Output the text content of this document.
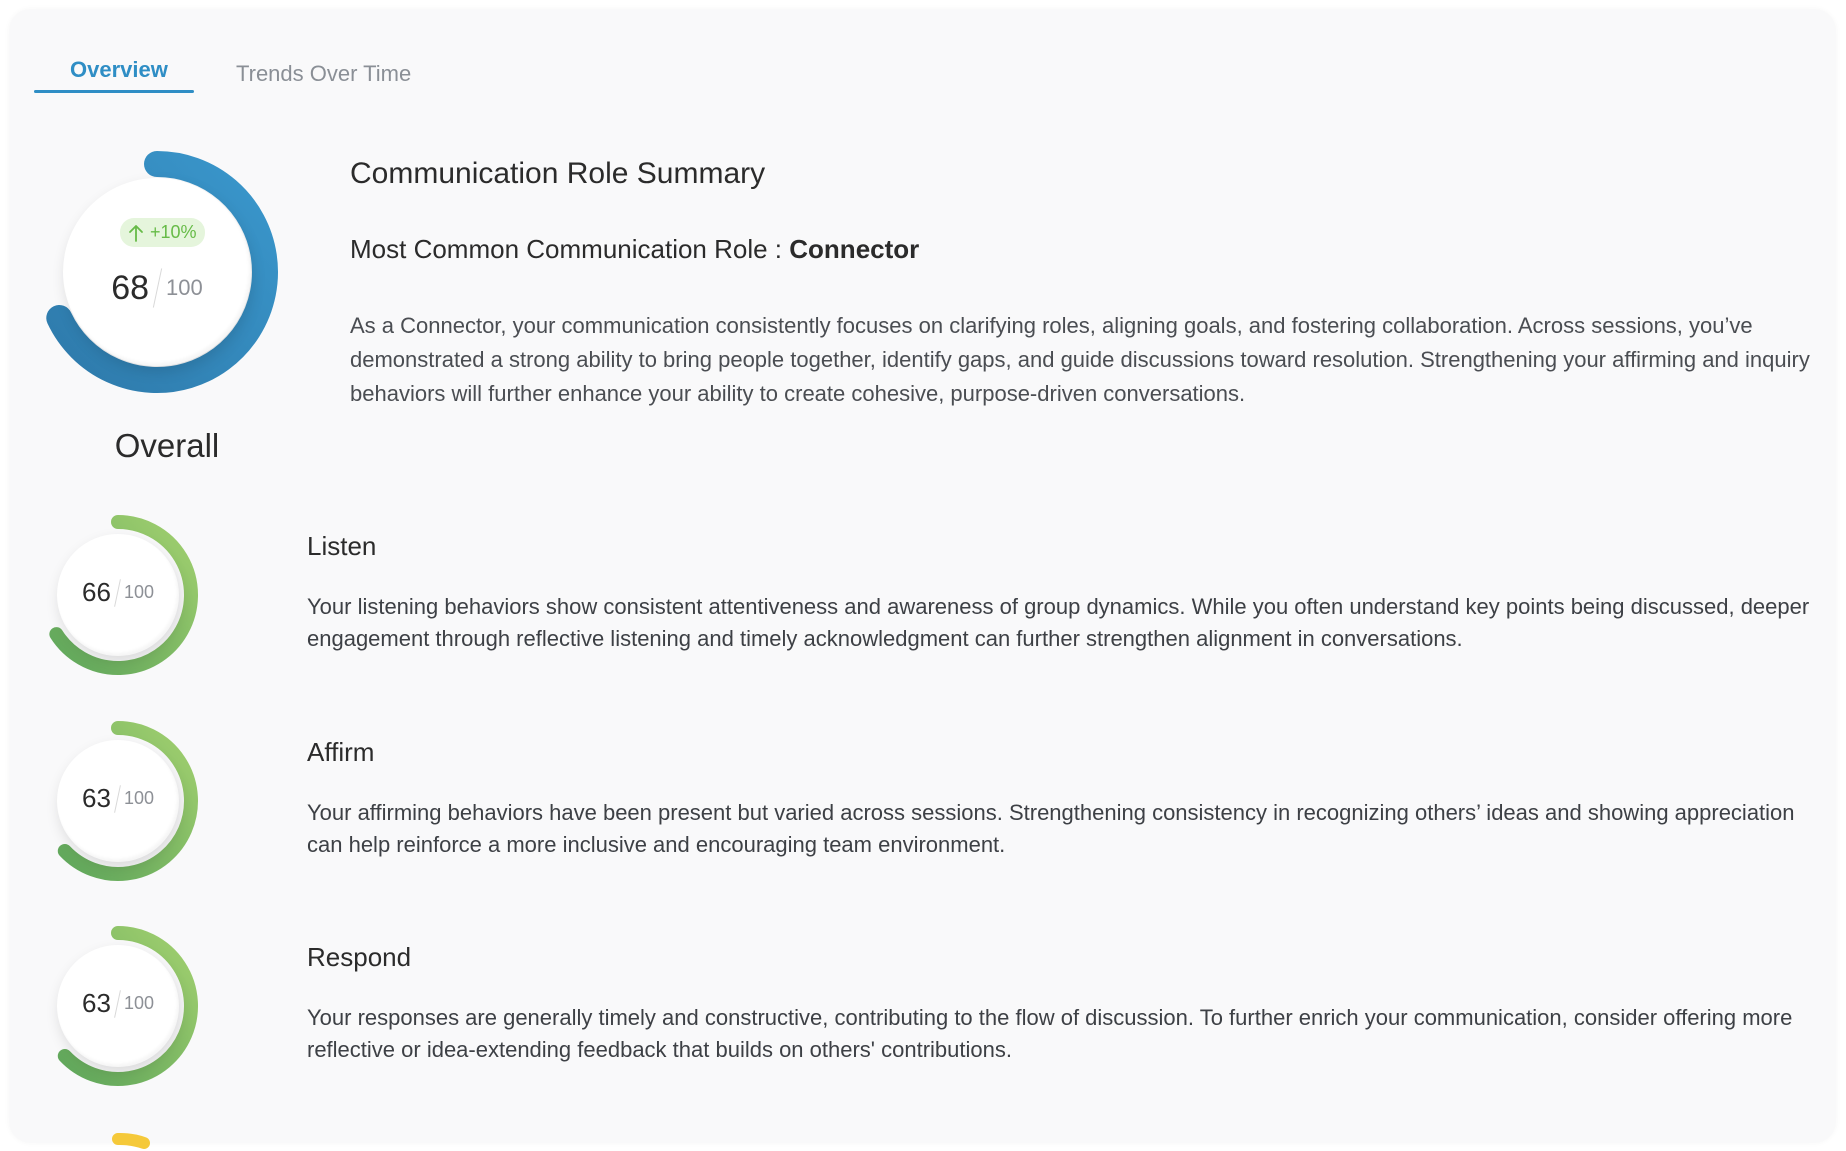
Overview	Trends Over Time
+10%
68 100
Overall
Communication Role Summary
Most Common Communication Role : Connector
As a Connector, your communication consistently focuses on clarifying roles, aligning goals, and fostering collaboration. Across sessions, you’ve demonstrated a strong ability to bring people together, identify gaps, and guide discussions toward resolution. Strengthening your affirming and inquiry behaviors will further enhance your ability to create cohesive, purpose-driven conversations.
66 100
Listen
Your listening behaviors show consistent attentiveness and awareness of group dynamics. While you often understand key points being discussed, deeper engagement through reflective listening and timely acknowledgment can further strengthen alignment in conversations.
63 100
Affirm
Your affirming behaviors have been present but varied across sessions. Strengthening consistency in recognizing others’ ideas and showing appreciation can help reinforce a more inclusive and encouraging team environment.
63 100
Respond
Your responses are generally timely and constructive, contributing to the flow of discussion. To further enrich your communication, consider offering more reflective or idea-extending feedback that builds on others' contributions.
